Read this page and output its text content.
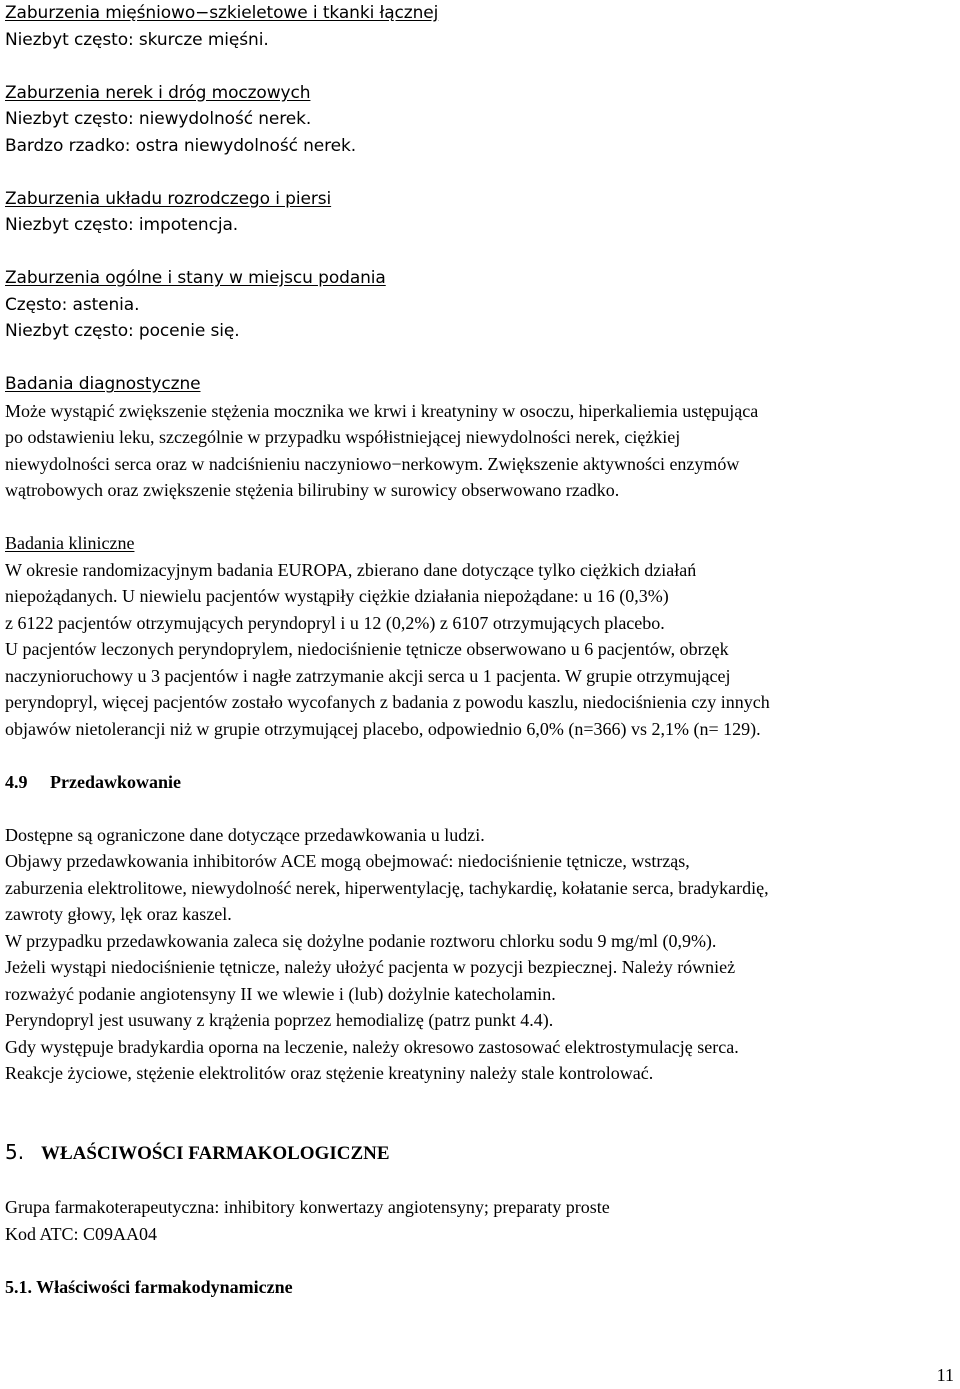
Zaburzenia mięśniowo−szkieletowe i tkanki łącznej
Niezbyt często: skurcze mięśni.
Zaburzenia nerek i dróg moczowych
Niezbyt często: niewydolność nerek.
Bardzo rzadko: ostra niewydolność nerek.
Zaburzenia układu rozrodczego i piersi
Niezbyt często: impotencja.
Zaburzenia ogólne i stany w miejscu podania
Często: astenia.
Niezbyt często: pocenie się.
Badania diagnostyczne
Może wystąpić zwiększenie stężenia mocznika we krwi i kreatyniny w osoczu, hiperkaliemia ustępująca
po odstawieniu leku, szczególnie w przypadku współistniejącej niewydolności nerek, ciężkiej
niewydolności serca oraz w nadciśnieniu naczyniowo−nerkowym. Zwiększenie aktywności enzymów
wątrobowych oraz zwiększenie stężenia bilirubiny w surowicy obserwowano rzadko.
Badania kliniczne
W okresie randomizacyjnym badania EUROPA, zbierano dane dotyczące tylko ciężkich działań
niepożądanych. U niewielu pacjentów wystąpiły ciężkie działania niepożądane: u 16 (0,3%)
z 6122 pacjentów otrzymujących peryndopryl i u 12 (0,2%) z 6107 otrzymujących placebo.
U pacjentów leczonych peryndoprylem, niedociśnienie tętnicze obserwowano u 6 pacjentów, obrzęk
naczynioruchowy u 3 pacjentów i nagłe zatrzymanie akcji serca u 1 pacjenta. W grupie otrzymującej
peryndopryl, więcej pacjentów zostało wycofanych z badania z powodu kaszlu, niedociśnienia czy innych
objawów nietolerancji niż w grupie otrzymującej placebo, odpowiednio 6,0% (n=366) vs 2,1% (n= 129).
4.9 Przedawkowanie
Dostępne są ograniczone dane dotyczące przedawkowania u ludzi.
Objawy przedawkowania inhibitorów ACE mogą obejmować: niedociśnienie tętnicze, wstrząs,
zaburzenia elektrolitowe, niewydolność nerek, hiperwentylację, tachykardię, kołatanie serca, bradykardię,
zawroty głowy, lęk oraz kaszel.
W przypadku przedawkowania zaleca się dożylne podanie roztworu chlorku sodu 9 mg/ml (0,9%).
Jeżeli wystąpi niedociśnienie tętnicze, należy ułożyć pacjenta w pozycji bezpiecznej. Należy również
rozważyć podanie angiotensyny II we wlewie i (lub) dożylnie katecholamin.
Peryndopryl jest usuwany z krążenia poprzez hemodializę (patrz punkt 4.4).
Gdy występuje bradykardia oporna na leczenie, należy okresowo zastosować elektrostymulację serca.
Reakcje życiowe, stężenie elektrolitów oraz stężenie kreatyniny należy stale kontrolować.
5. WŁAŚCIWOŚCI FARMAKOLOGICZNE
Grupa farmakoterapeutyczna: inhibitory konwertazy angiotensyny; preparaty proste
Kod ATC: C09AA04
5.1. Właściwości farmakodynamiczne
11
